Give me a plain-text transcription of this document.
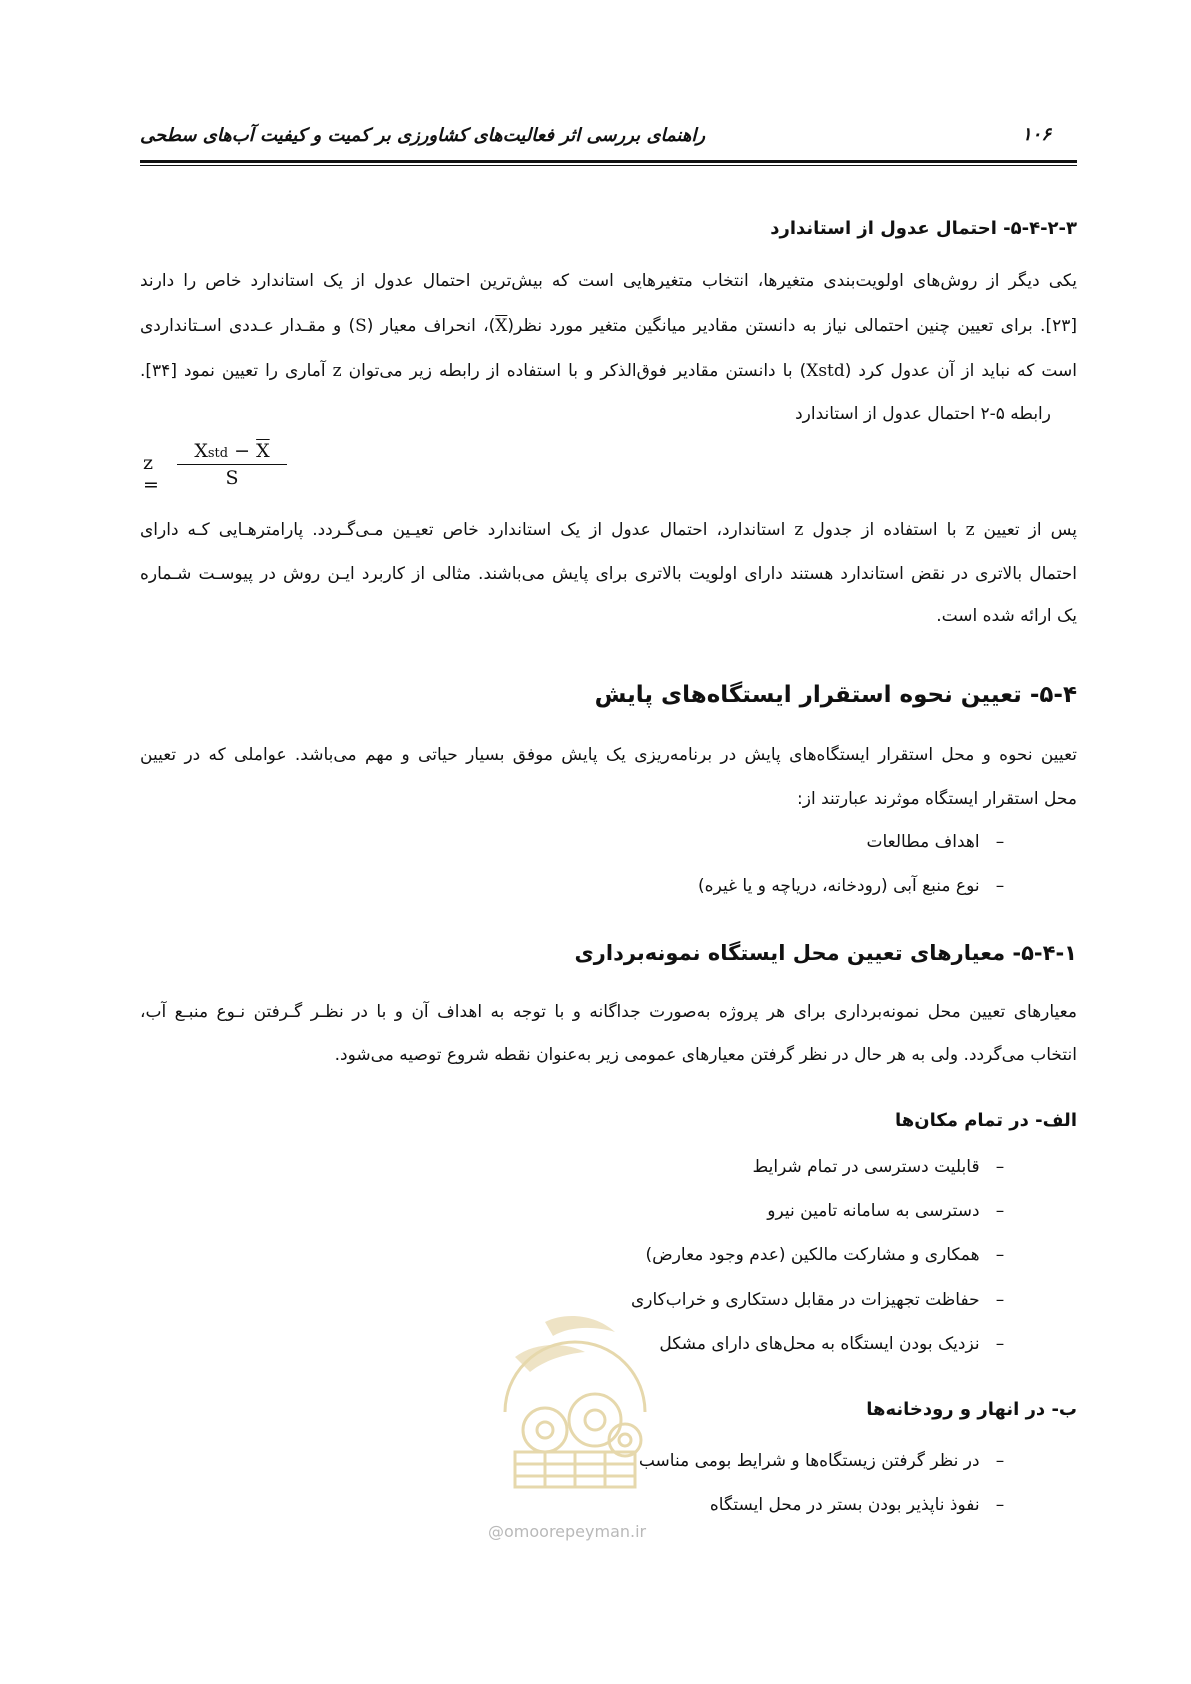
راهنمای بررسی اثر فعالیت‌های کشاورزی بر کمیت و کیفیت آب‌های سطحی	۱۰۶
۵-۴-۲-۳- احتمال عدول از استاندارد
یکی دیگر از روش‌های اولویت‌بندی متغیرها، انتخاب متغیرهایی است که بیش‌ترین احتمال عدول از یک استاندارد خاص را دارند
[۲۳]. برای تعیین چنین احتمالی نیاز به دانستن مقادیر میانگین متغیر مورد نظر(X)، انحراف معیار (S) و مقـدار عـددی اسـتانداردی
است که نباید از آن عدول کرد (Xstd) با دانستن مقادیر فوق‌الذکر و با استفاده از رابطه زیر می‌توان z آماری را تعیین نمود [۳۴].
رابطه ۵-۲ احتمال عدول از استاندارد
z =
Xstd − $\overline{X}$
S
پس از تعیین z با استفاده از جدول z استاندارد، احتمال عدول از یک استاندارد خاص تعیـین مـی‌گـردد. پارامترهـایی کـه دارای
احتمال بالاتری در نقض استاندارد هستند دارای اولویت بالاتری برای پایش می‌باشند. مثالی از کاربرد ایـن روش در پیوسـت شـماره
یک ارائه شده است.
۵-۴- تعیین نحوه استقرار ایستگاه‌های پایش
تعیین نحوه و محل استقرار ایستگاه‌های پایش در برنامه‌ریزی یک پایش موفق بسیار حیاتی و مهم می‌باشد. عواملی که در تعیین
محل استقرار ایستگاه موثرند عبارتند از:
– اهداف مطالعات
– نوع منبع آبی (رودخانه، دریاچه و یا غیره)
۵-۴-۱- معیارهای تعیین محل ایستگاه نمونه‌برداری
معیارهای تعیین محل نمونه‌برداری برای هر پروژه به‌صورت جداگانه و با توجه به اهداف آن و با در نظـر گـرفتن نـوع منبـع آب،
انتخاب می‌گردد. ولی به هر حال در نظر گرفتن معیارهای عمومی زیر به‌عنوان نقطه شروع توصیه می‌شود.
الف- در تمام مکان‌ها
– قابلیت دسترسی در تمام شرایط
– دسترسی به سامانه تامین نیرو
– همکاری و مشارکت مالکین (عدم وجود معارض)
– حفاظت تجهیزات در مقابل دستکاری و خراب‌کاری
– نزدیک بودن ایستگاه به محل‌های دارای مشکل
ب- در انهار و رودخانه‌ها
– در نظر گرفتن زیستگاه‌ها و شرایط بومی مناسب
– نفوذ ناپذیر بودن بستر در محل ایستگاه
@omoorepeyman.ir
